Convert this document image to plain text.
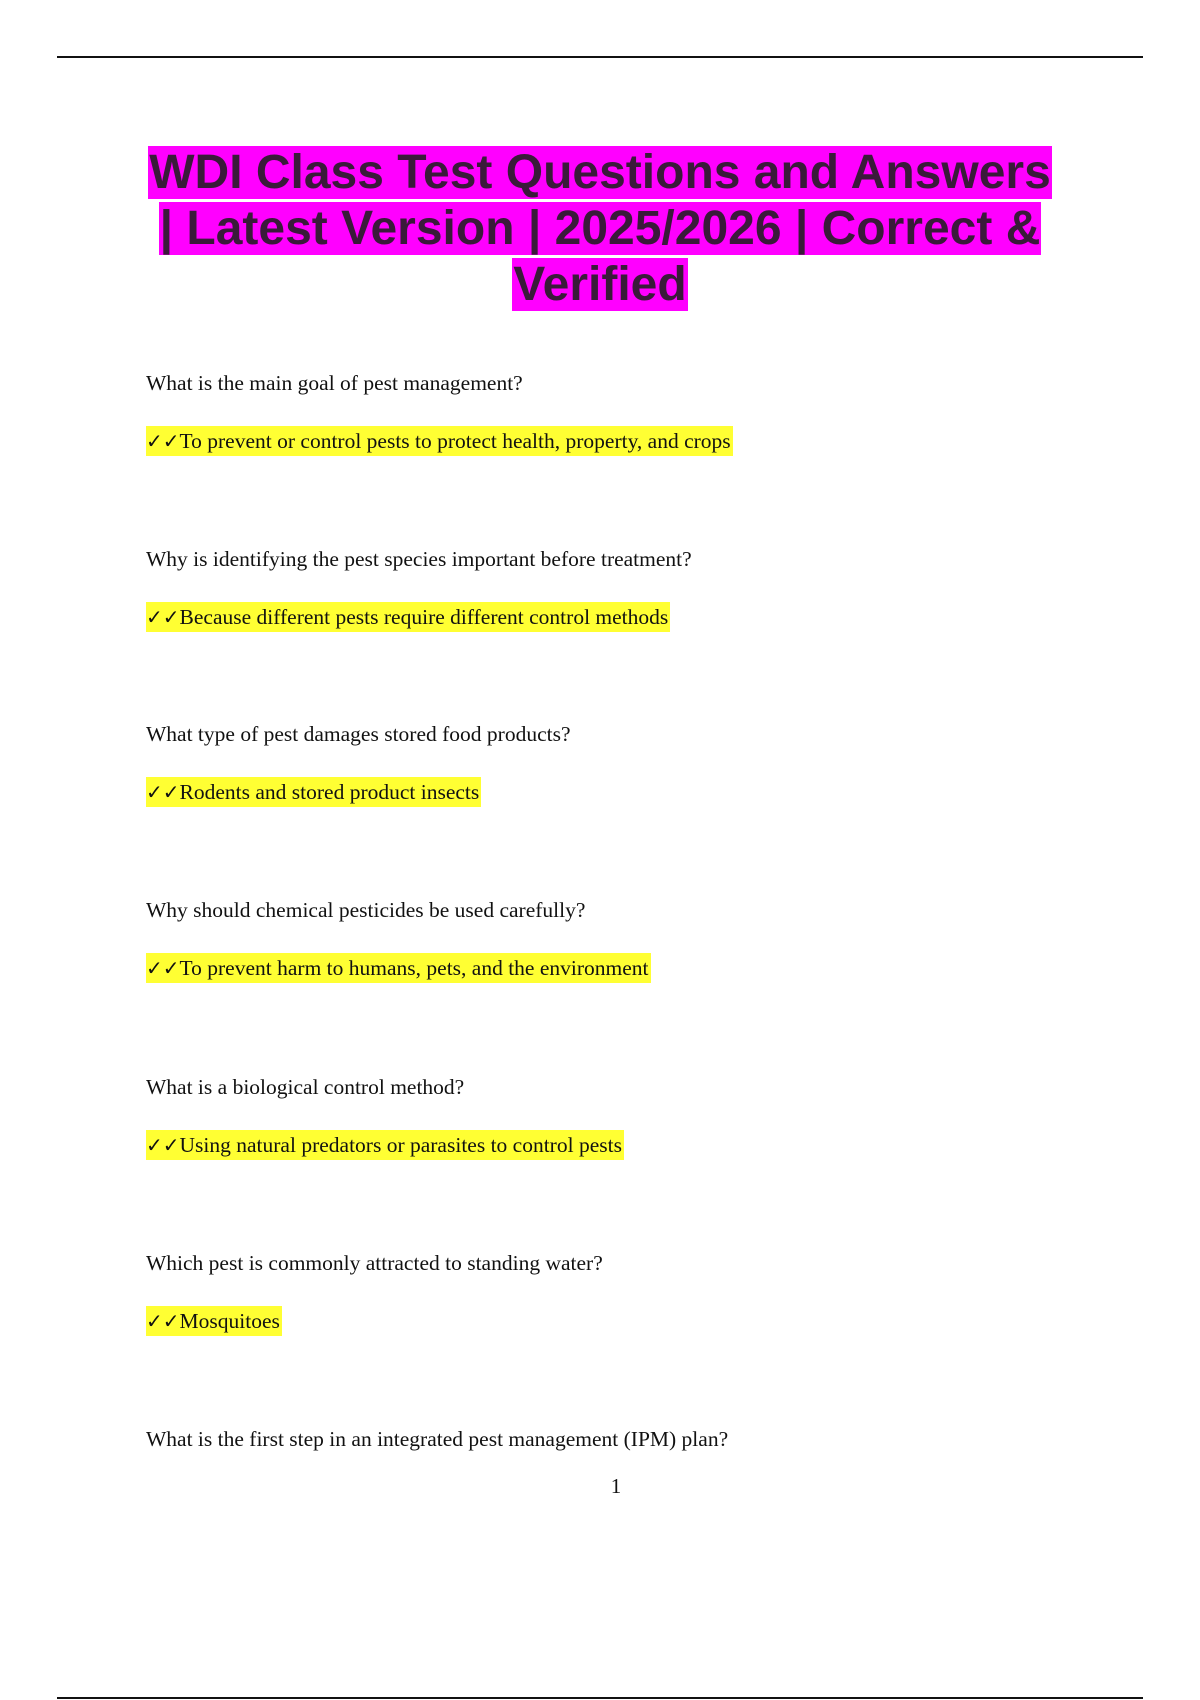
WDI Class Test Questions and Answers | Latest Version | 2025/2026 | Correct & Verified

What is the main goal of pest management?

✓✓To prevent or control pests to protect health, property, and crops

Why is identifying the pest species important before treatment?

✓✓Because different pests require different control methods

What type of pest damages stored food products?

✓✓Rodents and stored product insects

Why should chemical pesticides be used carefully?

✓✓To prevent harm to humans, pets, and the environment

What is a biological control method?

✓✓Using natural predators or parasites to control pests

Which pest is commonly attracted to standing water?

✓✓Mosquitoes

What is the first step in an integrated pest management (IPM) plan?

1
